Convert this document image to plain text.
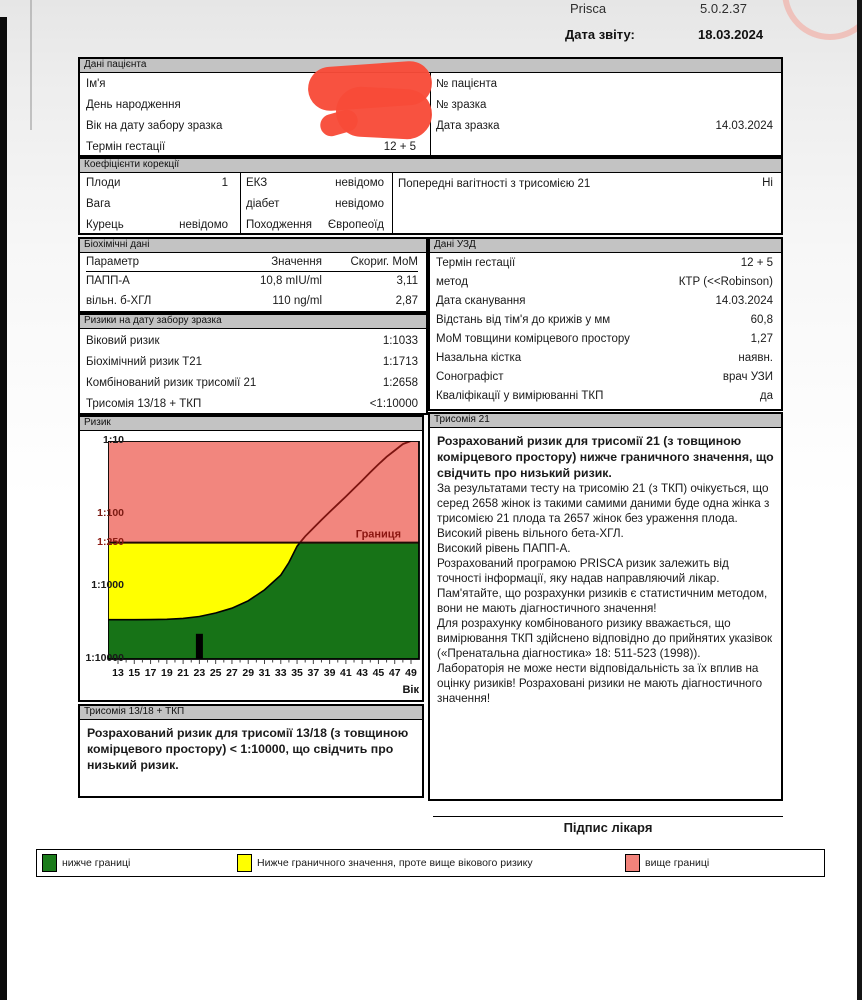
Prisca	5.0.2.37
Дата звіту:	18.03.2024
Дані пацієнта
Ім'я
День народження
Вік на дату забору зразка
Термін гестації	12 + 5
№ пацієнта
№ зразка
Дата зразка	14.03.2024
Коефіцієнти корекції
Плоди	1
Вага
Курець	невідомо
ЕКЗ	невідомо
діабет	невідомо
Походження Європеоїд
Попередні вагітності з трисомією 21	Ні
Біохімічні дані
Параметр	Значення	Скориг. МоМ
ПАПП-А	10,8 mIU/ml	3,11
вільн. б-ХГЛ	110 ng/ml	2,87
Ризики на дату забору зразка
Віковий ризик	1:1033
Біохімічний ризик Т21	1:1713
Комбінований ризик трисомії 21	1:2658
Трисомія 13/18 + ТКП	<1:10000
Дані УЗД
Термін гестації	12 + 5
метод	КТР (<<Robinson)
Дата сканування	14.03.2024
Відстань від тім'я до крижів у мм	60,8
МоМ товщини комірцевого простору	1,27
Назальна кістка	наявн.
Сонографіст	врач УЗИ
Кваліфікації у вимірюванні ТКП	да
Ризик
Границя
13 15 17 19 21 23 25 27 29 31 33 35 37 39 41 43 45 47 49
Вік
1:10
1:100
1:250
1:1000
1:10000
Трисомія 13/18 + ТКП
Розрахований ризик для трисомії 13/18 (з товщиною комірцевого простору) < 1:10000, що свідчить про низький ризик.
Трисомія 21
Розрахований ризик для трисомії 21 (з товщиною комірцевого простору) нижче граничного значення, що свідчить про низький ризик.
За результатами тесту на трисомію 21 (з ТКП) очікується, що серед 2658 жінок із такими самими даними буде одна жінка з трисомією 21 плода та 2657 жінок без ураження плода.
Високий рівень вільного бета-ХГЛ.
Високий рівень ПАПП-А.
Розрахований програмою PRISCA ризик залежить від точності інформації, яку надав направляючий лікар.
Пам'ятайте, що розрахунки ризиків є статистичним методом, вони не мають діагностичного значення!
Для розрахунку комбінованого ризику вважається, що вимірювання ТКП здійснено відповідно до прийнятих указівок («Пренатальна діагностика» 18: 511-523 (1998)).
Лабораторія не може нести відповідальність за їх вплив на оцінку ризиків! Розраховані ризики не мають діагностичного значення!
Підпис лікаря
нижче границі	Нижче граничного значення, проте вище вікового ризику	вище границі
